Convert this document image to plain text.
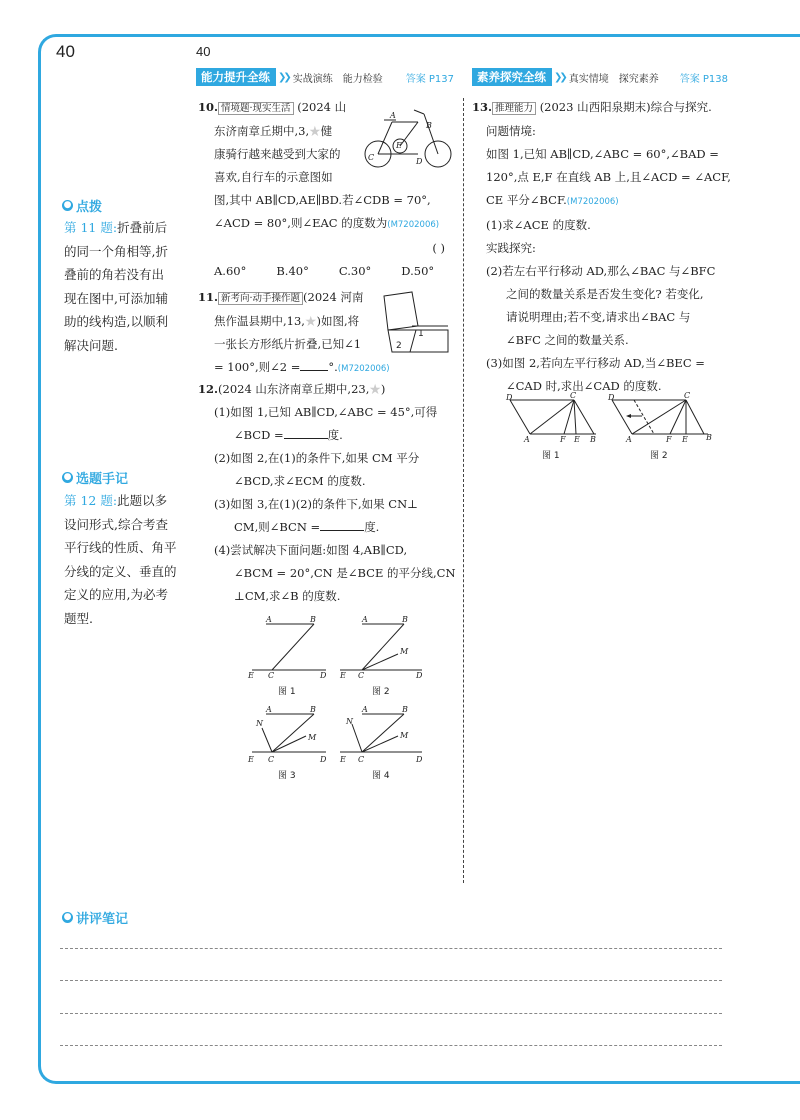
40	40
能力提升全练 ❯❯ 实战演练 能力检验 答案 P137	素养探究全练 ❯❯ 真实情境 探究素养 答案 P138
● 点拨
第 11 题:折叠前后
的同一个角相等,折
叠前的角若没有出
现在图中,可添加辅
助的线构造,以顺利
解决问题.
● 选题手记
第 12 题:此题以多
设问形式,综合考查
平行线的性质、角平
分线的定义、垂直的
定义的应用,为必考
题型.
10. 情境题·现实生活 (2024 山
东济南章丘期中,3,★健
康骑行越来越受到大家的
喜欢,自行车的示意图如
图,其中 AB∥CD,AE∥BD.若∠CDB = 70°,
∠ACD = 80°,则∠EAC 的度数为(M7202006)
( )
A.60°	B.40°	C.30°	D.50°
A
B
C	D
E
11. 新考向·动手操作题 (2024 河南
焦作温县期中,13,★)如图,将
一张长方形纸片折叠,已知∠1
= 100°,则∠2 = °.(M7202006)
1
2
12.(2024 山东济南章丘期中,23,★)
(1)如图 1,已知 AB∥CD,∠ABC = 45°,可得
∠BCD =	度.
(2)如图 2,在(1)的条件下,如果 CM 平分
∠BCD,求∠ECM 的度数.
(3)如图 3,在(1)(2)的条件下,如果 CN⊥
CM,则∠BCN =	度.
(4)尝试解决下面问题:如图 4,AB∥CD,
∠BCM = 20°,CN 是∠BCE 的平分线,CN
⊥CM,求∠B 的度数.
A	B
E C	D
图 1
A	B
M
E C	D
图 2
A	B
N
M
E C	D
图 3
A	B
N
M
E C	D
图 4
13. 推理能力 (2023 山西阳泉期末)综合与探究.
问题情境:
如图 1,已知 AB∥CD,∠ABC = 60°,∠BAD =
120°,点 E,F 在直线 AB 上,且∠ACD = ∠ACF,
CE 平分∠BCF.(M7202006)
(1)求∠ACE 的度数.
实践探究:
(2)若左右平行移动 AD,那么∠BAC 与∠BFC
之间的数量关系是否发生变化? 若变化,
请说明理由;若不变,请求出∠BAC 与
∠BFC 之间的数量关系.
(3)如图 2,若向左平行移动 AD,当∠BEC =
∠CAD 时,求出∠CAD 的度数.
D	C
A	F E B
图 1
D	C
A	F E B
图 2
● 讲评笔记
